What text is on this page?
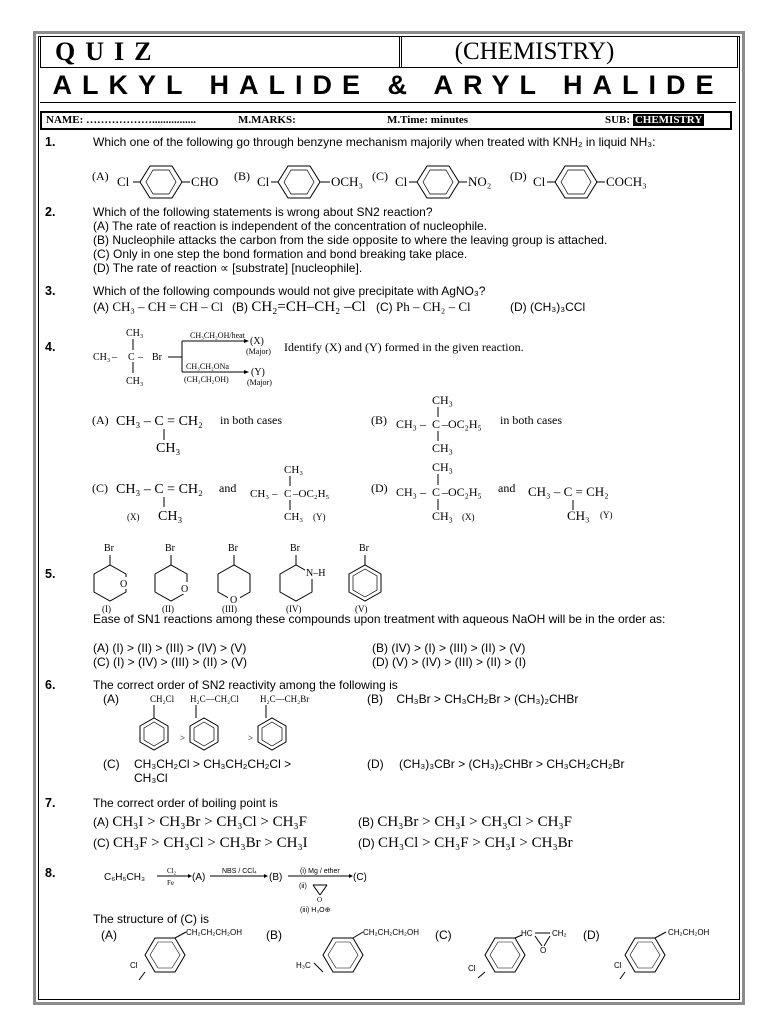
QUIZ	(CHEMISTRY)
ALKYL HALIDE & ARYL HALIDE
NAME: ………………................	M.MARKS:	M.Time: minutes	SUB: CHEMISTRY
1.	Which one of the following go through benzyne mechanism majorily when treated with KNH₂ in liquid NH₃:
(A) Cl	CHO (B) Cl	OCH₃ (C) Cl	NO₂ (D) Cl	COCH₃
2.	Which of the following statements is wrong about SN2 reaction?
(A) The rate of reaction is independent of the concentration of nucleophile.
(B) Nucleophile attacks the carbon from the side opposite to where the leaving group is attached.
(C) Only in one step the bond formation and bond breaking take place.
(D) The rate of reaction ∝ [substrate] [nucleophile].
3.	Which of the following compounds would not give precipitate with AgNO₃?
(A) CH₃ – CH = CH – Cl (B) CH₂=CH–CH₂ –Cl (C) Ph – CH₂ – Cl	(D) (CH₃)₃CCl
4.
CH₃
CH₃ – C – Br
CH₃
CH₃CH₂OH/heat
CH₃CH₂ONa
(CH₃CH₂OH)
(X)
(Major)
(Y)
(Major)
Identify (X) and (Y) formed in the given reaction.
(A) CH₃ – C = CH₂
CH₃
in both cases	(B)
CH₃
CH₃ – C –OC₂H₅
CH₃
in both cases
(C) CH₃ – C = CH₂
CH₃
(X)
and
CH₃
CH₃ – C –OC₂H₅
CH₃ (Y)
(D)
CH₃
CH₃ – C –OC₂H₅
CH₃ (X)
and CH₃ – C = CH₂
CH₃ (Y)
5.
Br
O
(I)
Br
O
(II)
Br
O
(III)
Br
N–H
(IV)
Br
(V)
Ease of SN1 reactions among these compounds upon treatment with aqueous NaOH will be in the order as:
(A) (I) > (II) > (III) > (IV) > (V)	(B) (IV) > (I) > (III) > (II) > (V)
(C) (I) > (IV) > (III) > (II) > (V)	(D) (V) > (IV) > (III) > (II) > (I)
6.	The correct order of SN2 reactivity among the following is
(A)	(B) CH₃Br > CH₃CH₂Br > (CH₃)₂CHBr
(C) CH₃CH₂Cl > CH₃CH₂CH₂Cl >
CH₃Cl
(D) (CH₃)₃CBr > (CH₃)₂CHBr > CH₃CH₂CH₂Br
CH₂Cl
>
H₂C—CH₂Cl
>
H₂C—CH₂Br
7.	The correct order of boiling point is
(A) CH₃I > CH₃Br > CH₃Cl > CH₃F	(B) CH₃Br > CH₃I > CH₃Cl > CH₃F
(C) CH₃F > CH₃Cl > CH₃Br > CH₃I	(D) CH₃Cl > CH₃F > CH₃I > CH₃Br
8.	C₆H₅CH₃
Cl₂
Fe (A)
NBS / CCl₄
(B)
(i) Mg / ether
(ii)
O
(iii) H₃O⊕
(C)
The structure of (C) is
(A)	(B)	(C)	(D)
CH₂CH₂CH₂OH
Cl
CH₂CH₂CH₂OH
H₃C
HC CH₂
O
Cl
CH₂CH₂OH
Cl
